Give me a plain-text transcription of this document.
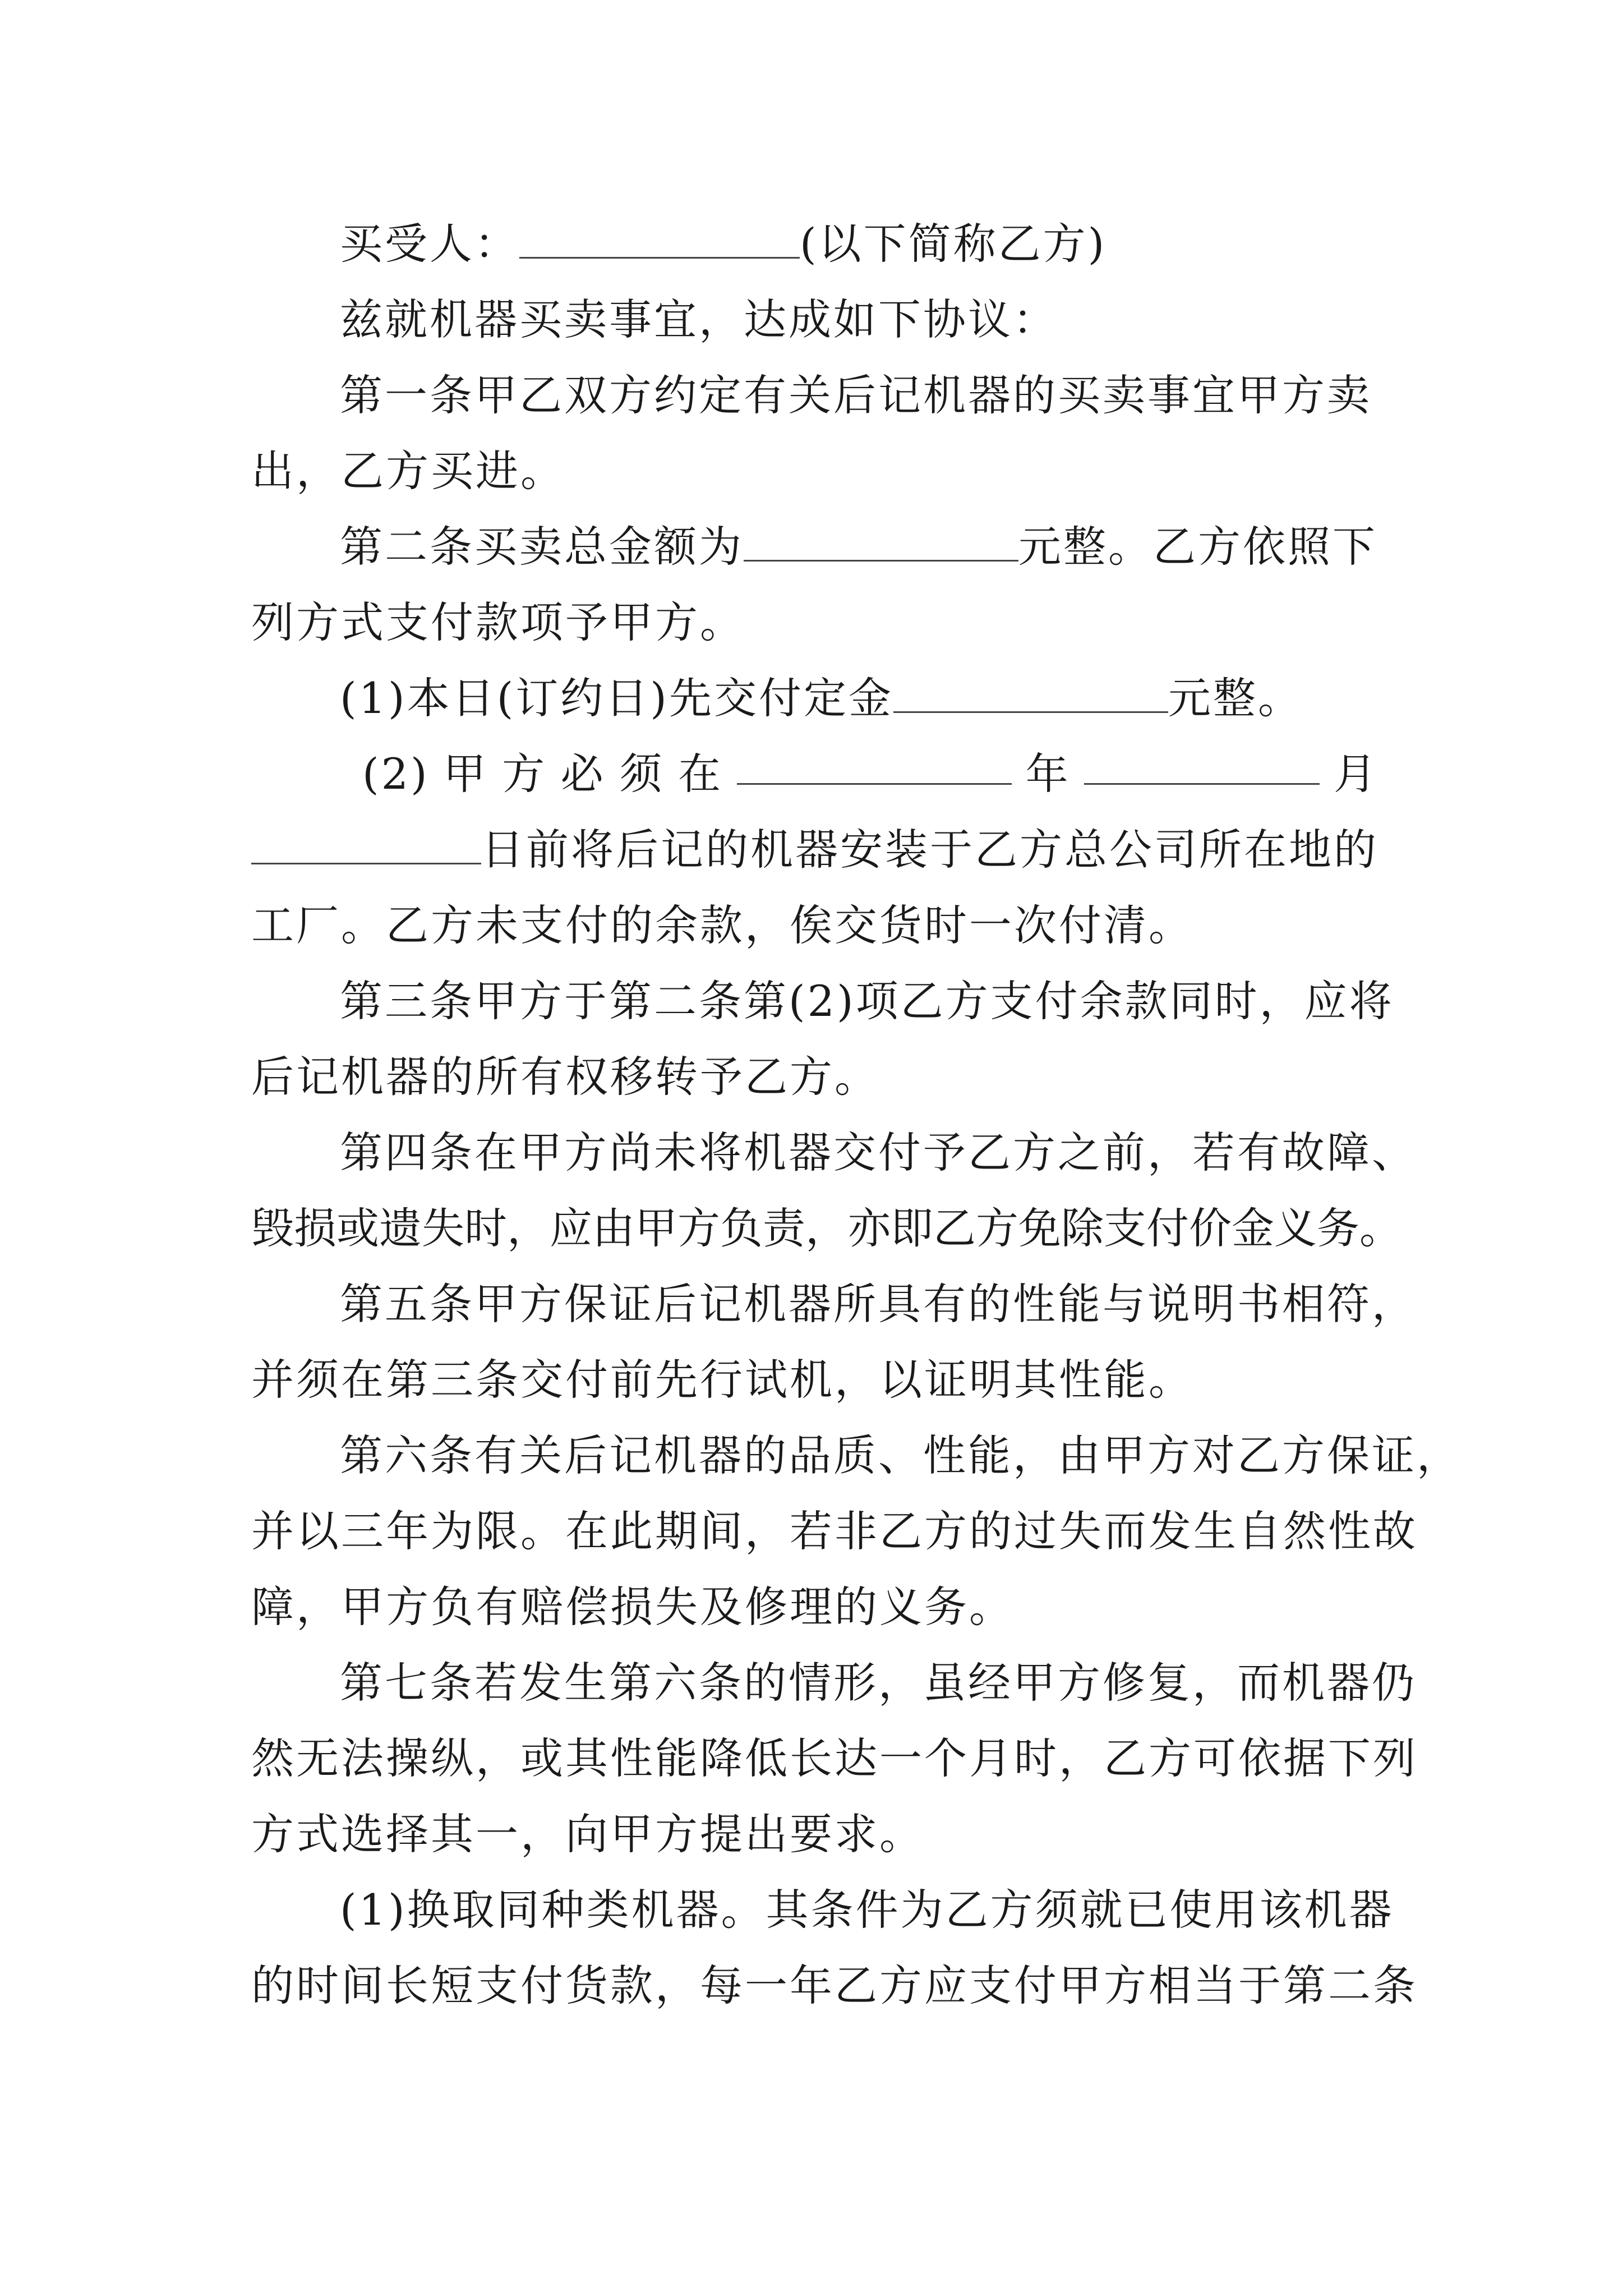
买受人：	(以下简称乙方)
兹就机器买卖事宜，达成如下协议：
第一条甲乙双方约定有关后记机器的买卖事宜甲方卖
出，乙方买进。
第二条买卖总金额为	元整。乙方依照下
列方式支付款项予甲方。
(1)本日(订约日)先交付定金	元整。
(2) 甲 方 必 须 在	年	月
日前将后记的机器安装于乙方总公司所在地的
工厂。乙方未支付的余款，俟交货时一次付清。
第三条甲方于第二条第(2)项乙方支付余款同时，应将
后记机器的所有权移转予乙方。
第四条在甲方尚未将机器交付予乙方之前，若有故障、
毁损或遗失时，应由甲方负责，亦即乙方免除支付价金义务。
第五条甲方保证后记机器所具有的性能与说明书相符，
并须在第三条交付前先行试机，以证明其性能。
第六条有关后记机器的品质、性能，由甲方对乙方保证，
并以三年为限。在此期间，若非乙方的过失而发生自然性故
障，甲方负有赔偿损失及修理的义务。
第七条若发生第六条的情形，虽经甲方修复，而机器仍
然无法操纵，或其性能降低长达一个月时，乙方可依据下列
方式选择其一，向甲方提出要求。
(1)换取同种类机器。其条件为乙方须就已使用该机器
的时间长短支付货款，每一年乙方应支付甲方相当于第二条
